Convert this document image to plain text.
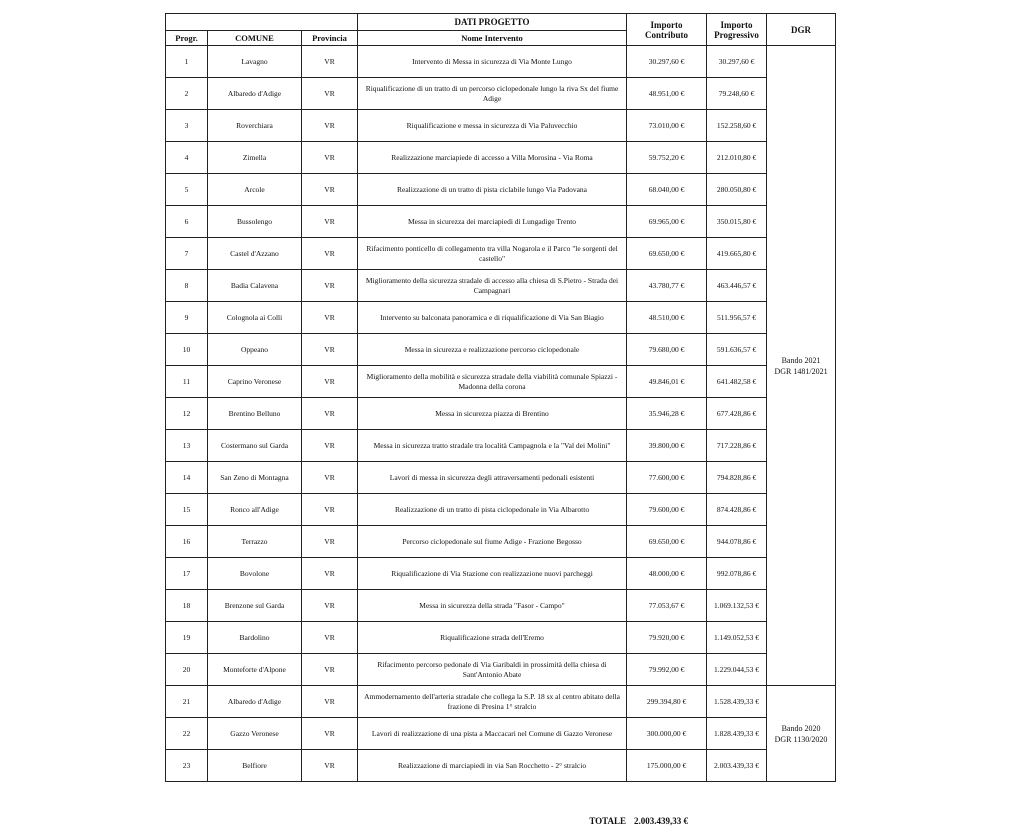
			DATI PROGETTO	Importo Contributo	Importo Progressivo	DGR
Progr.	COMUNE	Provincia	Nome Intervento			
1	Lavagno	VR	Intervento di Messa in sicurezza di Via Monte Lungo	30.297,60 €	30.297,60 €	Bando 2021
DGR 1481/2021

2	Albaredo d'Adige	VR	Riqualificazione di un tratto di un percorso ciclopedonale lungo la riva Sx del fiume Adige	48.951,00 €	79.248,60 €	
3	Roverchiara	VR	Riqualificazione e messa in sicurezza di Via Paluvecchio	73.010,00 €	152.258,60 €	
4	Zimella	VR	Realizzazione marciapiede di accesso a Villa Morosina - Via Roma	59.752,20 €	212.010,80 €	
5	Arcole	VR	Realizzazione di un tratto di pista ciclabile lungo Via Padovana	68.040,00 €	280.050,80 €	
6	Bussolengo	VR	Messa in sicurezza dei marciapiedi di Lungadige Trento	69.965,00 €	350.015,80 €	
7	Castel d'Azzano	VR	Rifacimento ponticello di collegamento tra villa Nogarola e il Parco "le sorgenti del castello"	69.650,00 €	419.665,80 €	
8	Badia Calavena	VR	Miglioramento della sicurezza stradale di accesso alla chiesa di S.Pietro - Strada dei Campagnari	43.780,77 €	463.446,57 €	
9	Colognola ai Colli	VR	Intervento su balconata panoramica e di riqualificazione di Via San Biagio	48.510,00 €	511.956,57 €	
10	Oppeano	VR	Messa in sicurezza e realizzazione percorso ciclopedonale	79.680,00 €	591.636,57 €	
11	Caprino Veronese	VR	Miglioramento della mobilità e sicurezza stradale della viabilità comunale Spiazzi - Madonna della corona	49.846,01 €	641.482,58 €	
12	Brentino Belluno	VR	Messa in sicurezza piazza di Brentino	35.946,28 €	677.428,86 €	
13	Costermano sul Garda	VR	Messa in sicurezza tratto stradale tra località Campagnola e la "Val dei Molini"	39.800,00 €	717.228,86 €	
14	San Zeno di Montagna	VR	Lavori di messa in sicurezza degli attraversamenti pedonali esistenti	77.600,00 €	794.828,86 €	
15	Ronco all'Adige	VR	Realizzazione di un tratto di pista ciclopedonale in Via Albarotto	79.600,00 €	874.428,86 €	
16	Terrazzo	VR	Percorso ciclopedonale sul fiume Adige - Frazione Begosso	69.650,00 €	944.078,86 €	
17	Bovolone	VR	Riqualificazione di Via Stazione con realizzazione nuovi parcheggi	48.000,00 €	992.078,86 €	
18	Brenzone sul Garda	VR	Messa in sicurezza della strada "Fasor - Campo"	77.053,67 €	1.069.132,53 €	
19	Bardolino	VR	Riqualificazione strada dell'Eremo	79.920,00 €	1.149.052,53 €	
20	Monteforte d'Alpone	VR	Rifacimento percorso pedonale di Via Garibaldi in prossimità della chiesa di Sant'Antonio Abate	79.992,00 €	1.229.044,53 €	
21	Albaredo d'Adige	VR	Ammodernamento dell'arteria stradale che collega la S.P. 18 sx al centro abitato della frazione di Presina 1° stralcio	299.394,80 €	1.528.439,33 €	Bando 2020
DGR 1130/2020

22	Gazzo Veronese	VR	Lavori di realizzazione di una pista a Maccacari nel Comune di Gazzo Veronese	300.000,00 €	1.828.439,33 €	
23	Belfiore	VR	Realizzazione di marciapiedi in via San Rocchetto - 2° stralcio	175.000,00 €	2.003.439,33 €	
TOTALE 2.003.439,33 €
